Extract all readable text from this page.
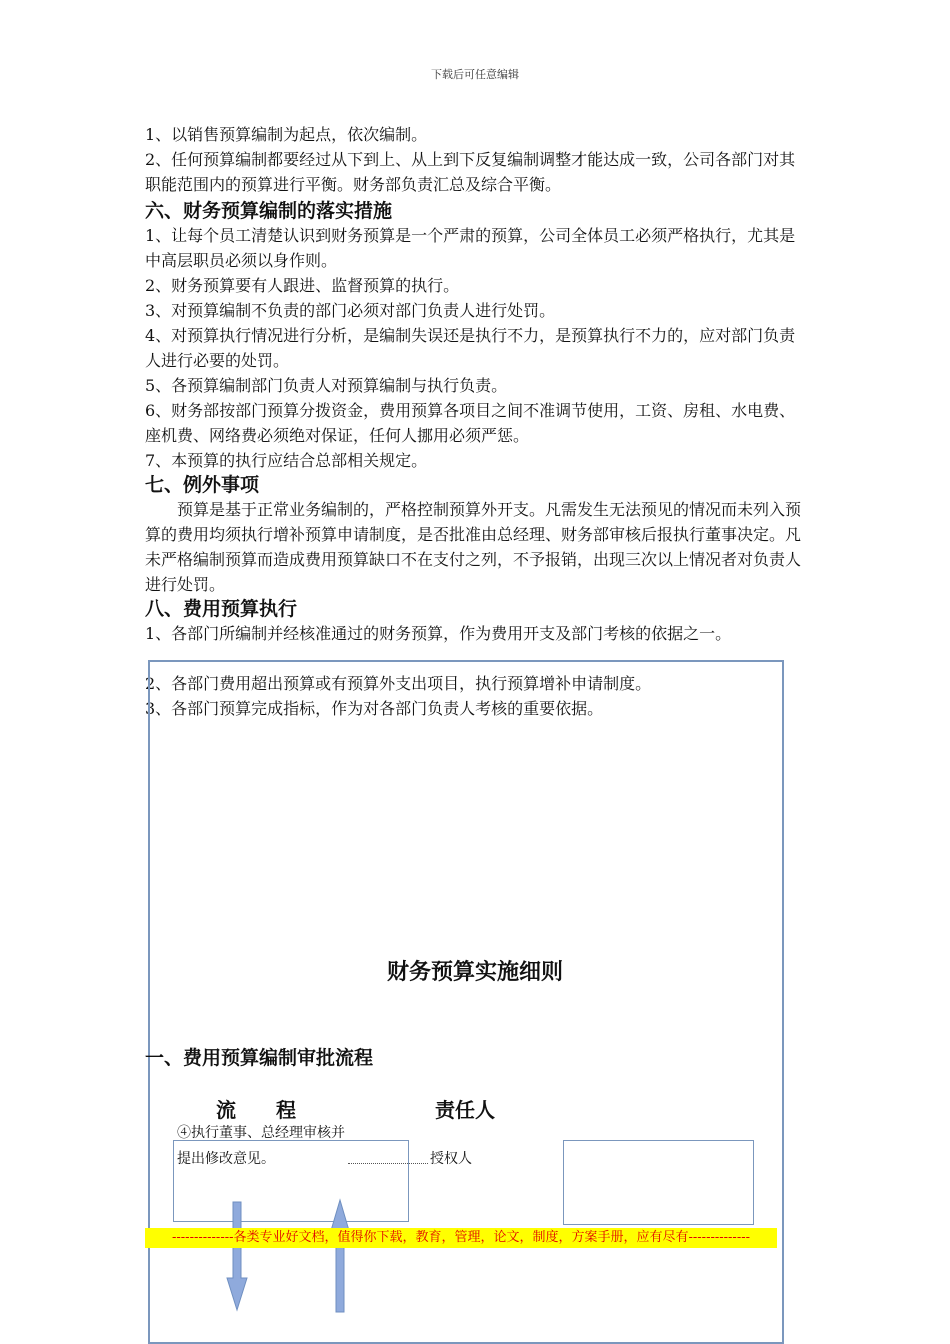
下载后可任意编辑
1、以销售预算编制为起点，依次编制。
2、任何预算编制都要经过从下到上、从上到下反复编制调整才能达成一致，公司各部门对其职能范围内的预算进行平衡。财务部负责汇总及综合平衡。
六、财务预算编制的落实措施
1、让每个员工清楚认识到财务预算是一个严肃的预算，公司全体员工必须严格执行，尤其是中高层职员必须以身作则。
2、财务预算要有人跟进、监督预算的执行。
3、对预算编制不负责的部门必须对部门负责人进行处罚。
4、对预算执行情况进行分析，是编制失误还是执行不力，是预算执行不力的，应对部门负责人进行必要的处罚。
5、各预算编制部门负责人对预算编制与执行负责。
6、财务部按部门预算分拨资金，费用预算各项目之间不准调节使用，工资、房租、水电费、座机费、网络费必须绝对保证，任何人挪用必须严惩。
7、本预算的执行应结合总部相关规定。
七、例外事项
预算是基于正常业务编制的，严格控制预算外开支。凡需发生无法预见的情况而未列入预算的费用均须执行增补预算申请制度，是否批准由总经理、财务部审核后报执行董事决定。凡未严格编制预算而造成费用预算缺口不在支付之列，不予报销，出现三次以上情况者对负责人进行处罚。
八、费用预算执行
1、各部门所编制并经核准通过的财务预算，作为费用开支及部门考核的依据之一。
2、各部门费用超出预算或有预算外支出项目，执行预算增补申请制度。
3、各部门预算完成指标，作为对各部门负责人考核的重要依据。
财务预算实施细则
一、费用预算编制审批流程
流　　程	责任人
④执行董事、总经理审核并
提出修改意见。	授权人
--------------各类专业好文档，值得你下载，教育，管理，论文，制度，方案手册，应有尽有--------------
